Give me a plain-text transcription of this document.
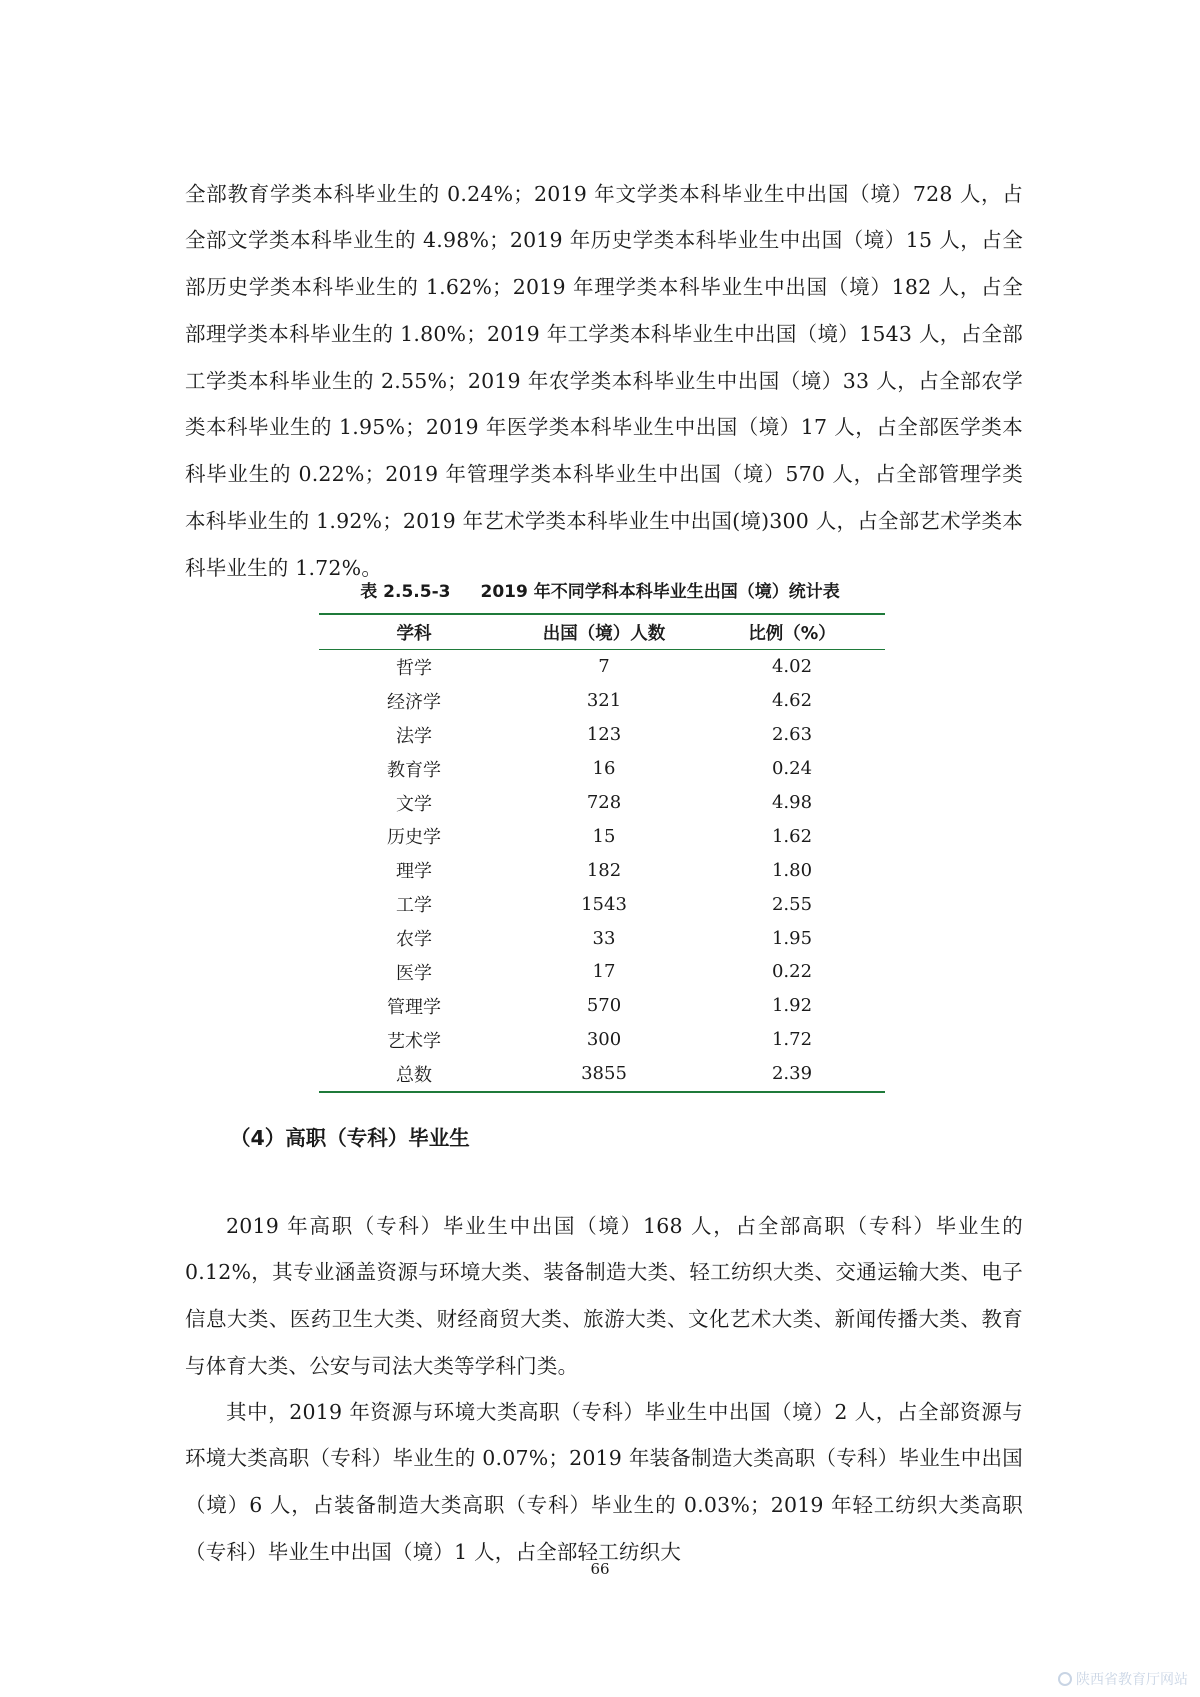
全部教育学类本科毕业生的 0.24%；2019 年文学类本科毕业生中出国（境）728 人，占全部文学类本科毕业生的 4.98%；2019 年历史学类本科毕业生中出国（境）15 人，占全部历史学类本科毕业生的 1.62%；2019 年理学类本科毕业生中出国（境）182 人，占全部理学类本科毕业生的 1.80%；2019 年工学类本科毕业生中出国（境）1543 人，占全部工学类本科毕业生的 2.55%；2019 年农学类本科毕业生中出国（境）33 人，占全部农学类本科毕业生的 1.95%；2019 年医学类本科毕业生中出国（境）17 人，占全部医学类本科毕业生的 0.22%；2019 年管理学类本科毕业生中出国（境）570 人，占全部管理学类本科毕业生的 1.92%；2019 年艺术学类本科毕业生中出国(境)300 人，占全部艺术学类本科毕业生的 1.72%。

表 2.5.5-3 2019 年不同学科本科毕业生出国（境）统计表
学科	出国（境）人数	比例（%）
哲学	7	4.02
经济学	321	4.62
法学	123	2.63
教育学	16	0.24
文学	728	4.98
历史学	15	1.62
理学	182	1.80
工学	1543	2.55
农学	33	1.95
医学	17	0.22
管理学	570	1.92
艺术学	300	1.72
总数	3855	2.39
（4）高职（专科）毕业生

2019 年高职（专科）毕业生中出国（境）168 人，占全部高职（专科）毕业生的 0.12%，其专业涵盖资源与环境大类、装备制造大类、轻工纺织大类、交通运输大类、电子信息大类、医药卫生大类、财经商贸大类、旅游大类、文化艺术大类、新闻传播大类、教育与体育大类、公安与司法大类等学科门类。

其中，2019 年资源与环境大类高职（专科）毕业生中出国（境）2 人，占全部资源与环境大类高职（专科）毕业生的 0.07%；2019 年装备制造大类高职（专科）毕业生中出国（境）6 人，占装备制造大类高职（专科）毕业生的 0.03%；2019 年轻工纺织大类高职（专科）毕业生中出国（境）1 人，占全部轻工纺织大

66
陕西省教育厅网站
